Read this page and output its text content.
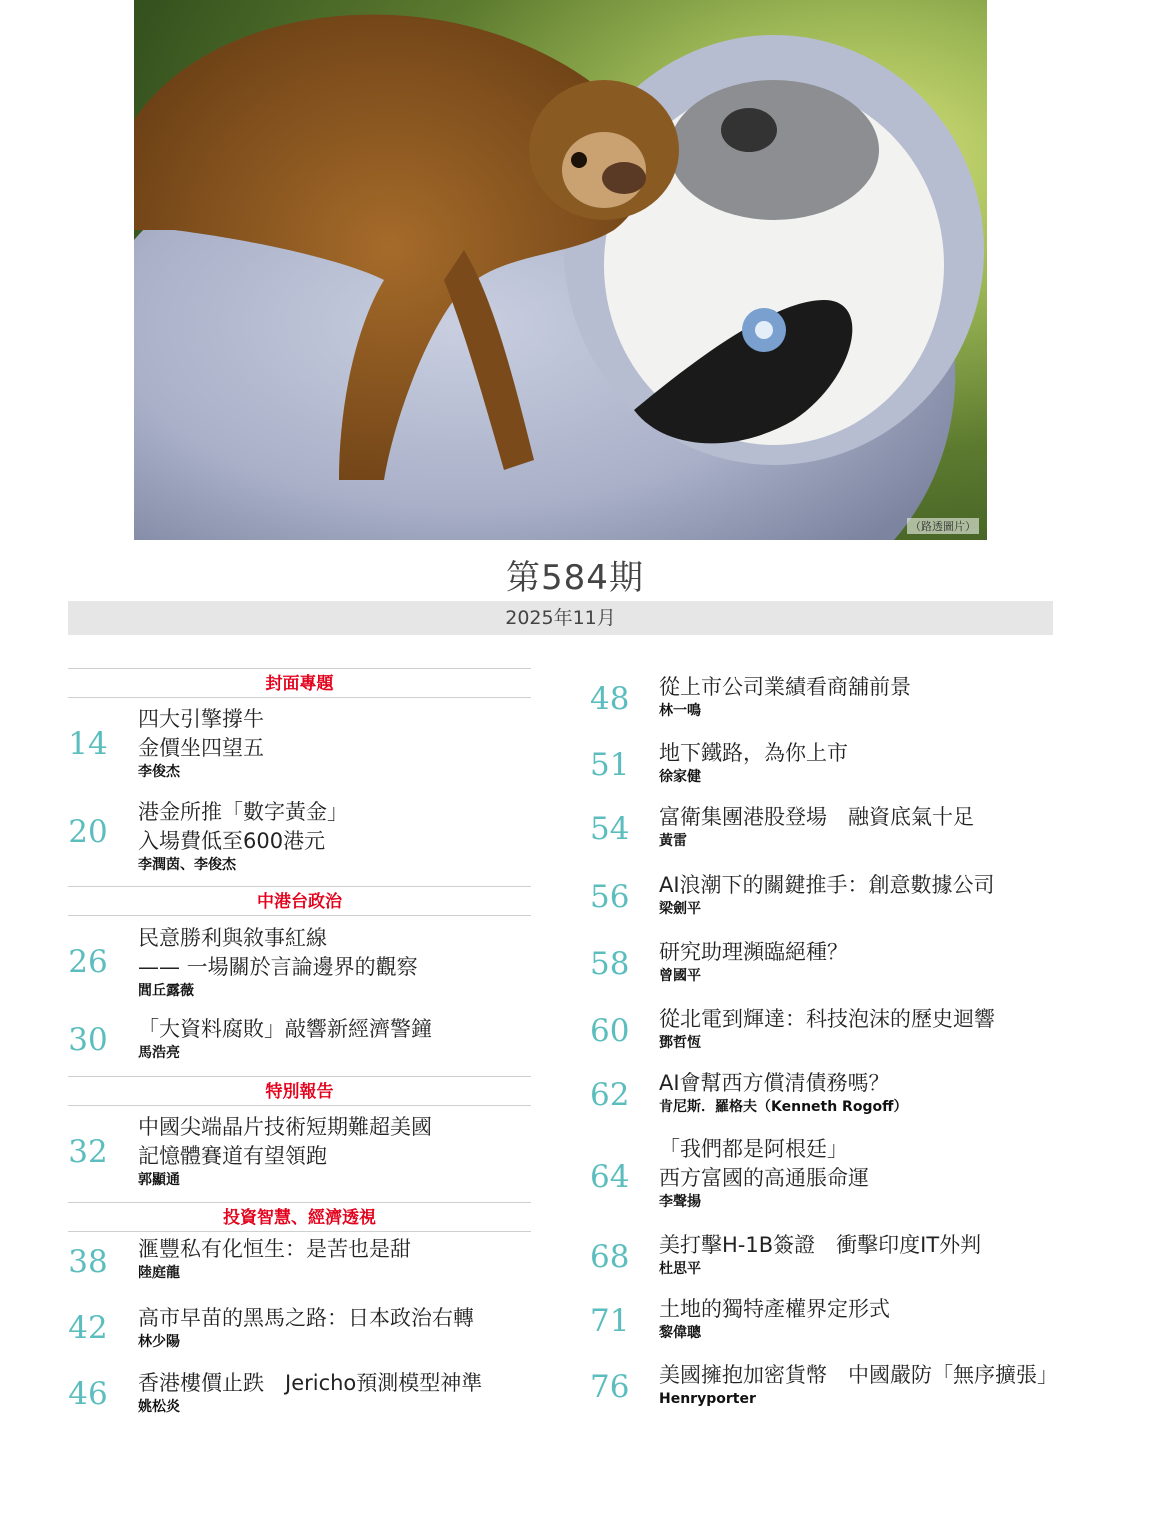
（路透圖片）
第584期
2025年11月
封面專題
14
四大引擎撐牛
金價坐四望五
李俊杰
20
港金所推「數字黃金」
入場費低至600港元
李潤茵、李俊杰
中港台政治
26
民意勝利與敘事紅線
—— 一場關於言論邊界的觀察
閭丘露薇
30 「大資料腐敗」敲響新經濟警鐘
馬浩亮
特別報告
32
中國尖端晶片技術短期難超美國
記憶體賽道有望領跑
郭顯通
投資智慧、經濟透視
38 滙豐私有化恒生：是苦也是甜
陸庭龍
42 高市早苗的黑馬之路：日本政治右轉
林少陽
46 香港樓價止跌　Jericho預測模型神準
姚松炎
48 從上市公司業績看商舖前景
林一鳴
51 地下鐵路，為你上市
徐家健
54 富衛集團港股登場　融資底氣十足
黃雷
56 AI浪潮下的關鍵推手：創意數據公司
梁劍平
58 研究助理瀕臨絕種？
曾國平
60 從北電到輝達：科技泡沫的歷史迴響
鄧哲恆
62 AI會幫西方償清債務嗎？
肯尼斯．羅格夫（Kenneth Rogoff）
64
「我們都是阿根廷」
西方富國的高通脹命運
李聲揚
68 美打擊H-1B簽證　衝擊印度IT外判
杜思平
71 土地的獨特產權界定形式
黎偉聰
76 美國擁抱加密貨幣　中國嚴防「無序擴張」
Henryporter
